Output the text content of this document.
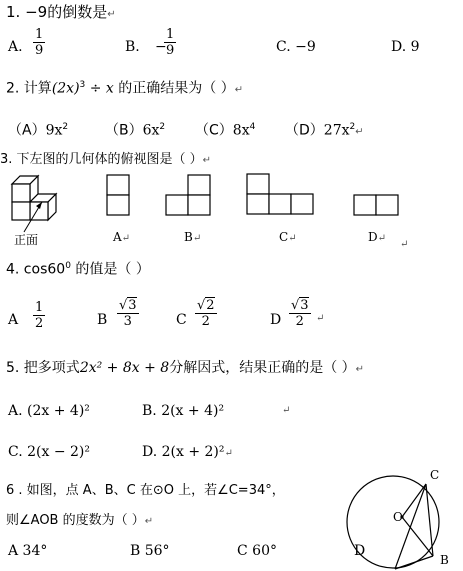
1. −9的倒数是↵
A.
1
9	B. −
1
9	C. −9	D. 9
2. 计算$(2x)^3 \div x$ 的正确结果为（ ）↵
$(A)9x^2$	$(B)6x^2$ $(C)8x^4$ $(D)27x^2↵$
3. 下左图的几何体的俯视图是（ ）↵
正面	A↵	B↵	C↵	D↵
↵
4. $\cos 60^0$ 的值是（ ）
A
1
2	B
√3
3	C
√2
2	D
√3
2 ↵
5. 把多项式2x² + 8x + 8分解因式，结果正确的是（ ）↵
A. (2x + 4)²	B. 2(x + 4)²	↵
C. 2(x − 2)²	D. 2(x + 2)²↵
6 . 如图，点 A、B、C 在⊙O 上，若∠C=34°，
则∠AOB 的度数为（ ）↵
A 34°	B 56°	C 60°	D
C
O
B
